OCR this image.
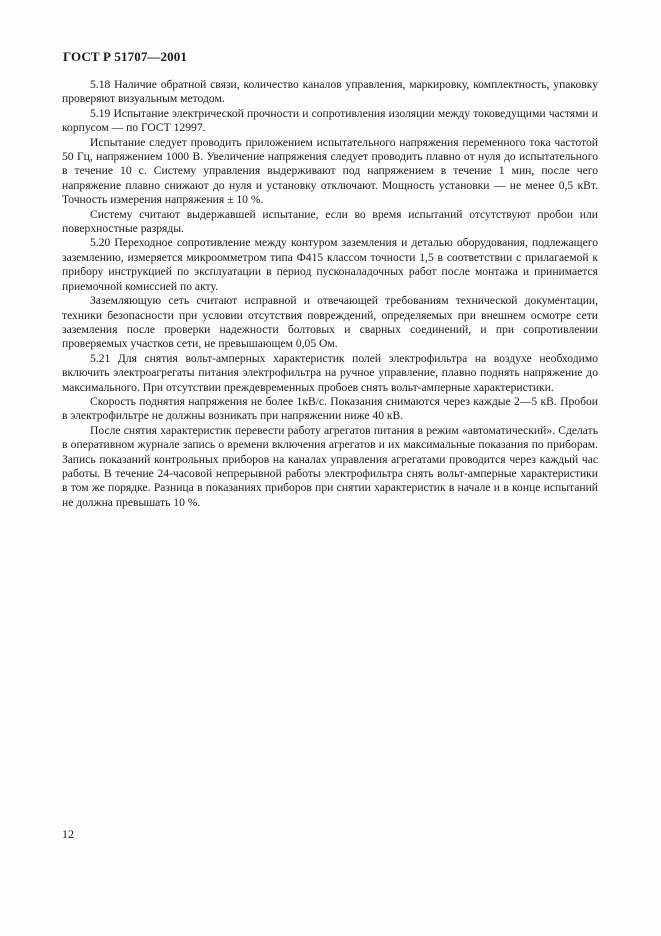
ГОСТ Р 51707—2001

5.18 Наличие обратной связи, количество каналов управления, маркировку, комплектность, упаковку проверяют визуальным методом.

5.19 Испытание электрической прочности и сопротивления изоляции между токоведущими частями и корпусом — по ГОСТ 12997.

Испытание следует проводить приложением испытательного напряжения переменного тока частотой 50 Гц, напряжением 1000 В. Увеличение напряжения следует проводить плавно от нуля до испытательного в течение 10 с. Систему управления выдерживают под напряжением в течение 1 мин, после чего напряжение плавно снижают до нуля и установку отключают. Мощность установки — не менее 0,5 кВт. Точность измерения напряжения ± 10 %.

Систему считают выдержавшей испытание, если во время испытаний отсутствуют пробои или поверхностные разряды.

5.20 Переходное сопротивление между контуром заземления и деталью оборудования, подлежащего заземлению, измеряется микроомметром типа Ф415 классом точности 1,5 в соответствии с прилагаемой к прибору инструкцией по эксплуатации в период пусконаладочных работ после монтажа и принимается приемочной комиссией по акту.

Заземляющую сеть считают исправной и отвечающей требованиям технической документации, техники безопасности при условии отсутствия повреждений, определяемых при внешнем осмотре сети заземления после проверки надежности болтовых и сварных соединений, и при сопротивлении проверяемых участков сети, не превышающем 0,05 Ом.

5.21 Для снятия вольт-амперных характеристик полей электрофильтра на воздухе необходимо включить электроагрегаты питания электрофильтра на ручное управление, плавно поднять напряжение до максимального. При отсутствии преждевременных пробоев снять вольт-амперные характеристики.

Скорость поднятия напряжения не более 1кВ/с. Показания снимаются через каждые 2—5 кВ. Пробои в электрофильтре не должны возникать при напряжении ниже 40 кВ.

После снятия характеристик перевести работу агрегатов питания в режим «автоматический». Сделать в оперативном журнале запись о времени включения агрегатов и их максимальные показания по приборам. Запись показаний контрольных приборов на каналах управления агрегатами проводится через каждый час работы. В течение 24-часовой непрерывной работы электрофильтра снять вольт-амперные характеристики в том же порядке. Разница в показаниях приборов при снятии характеристик в начале и в конце испытаний не должна превышать 10 %.

12
